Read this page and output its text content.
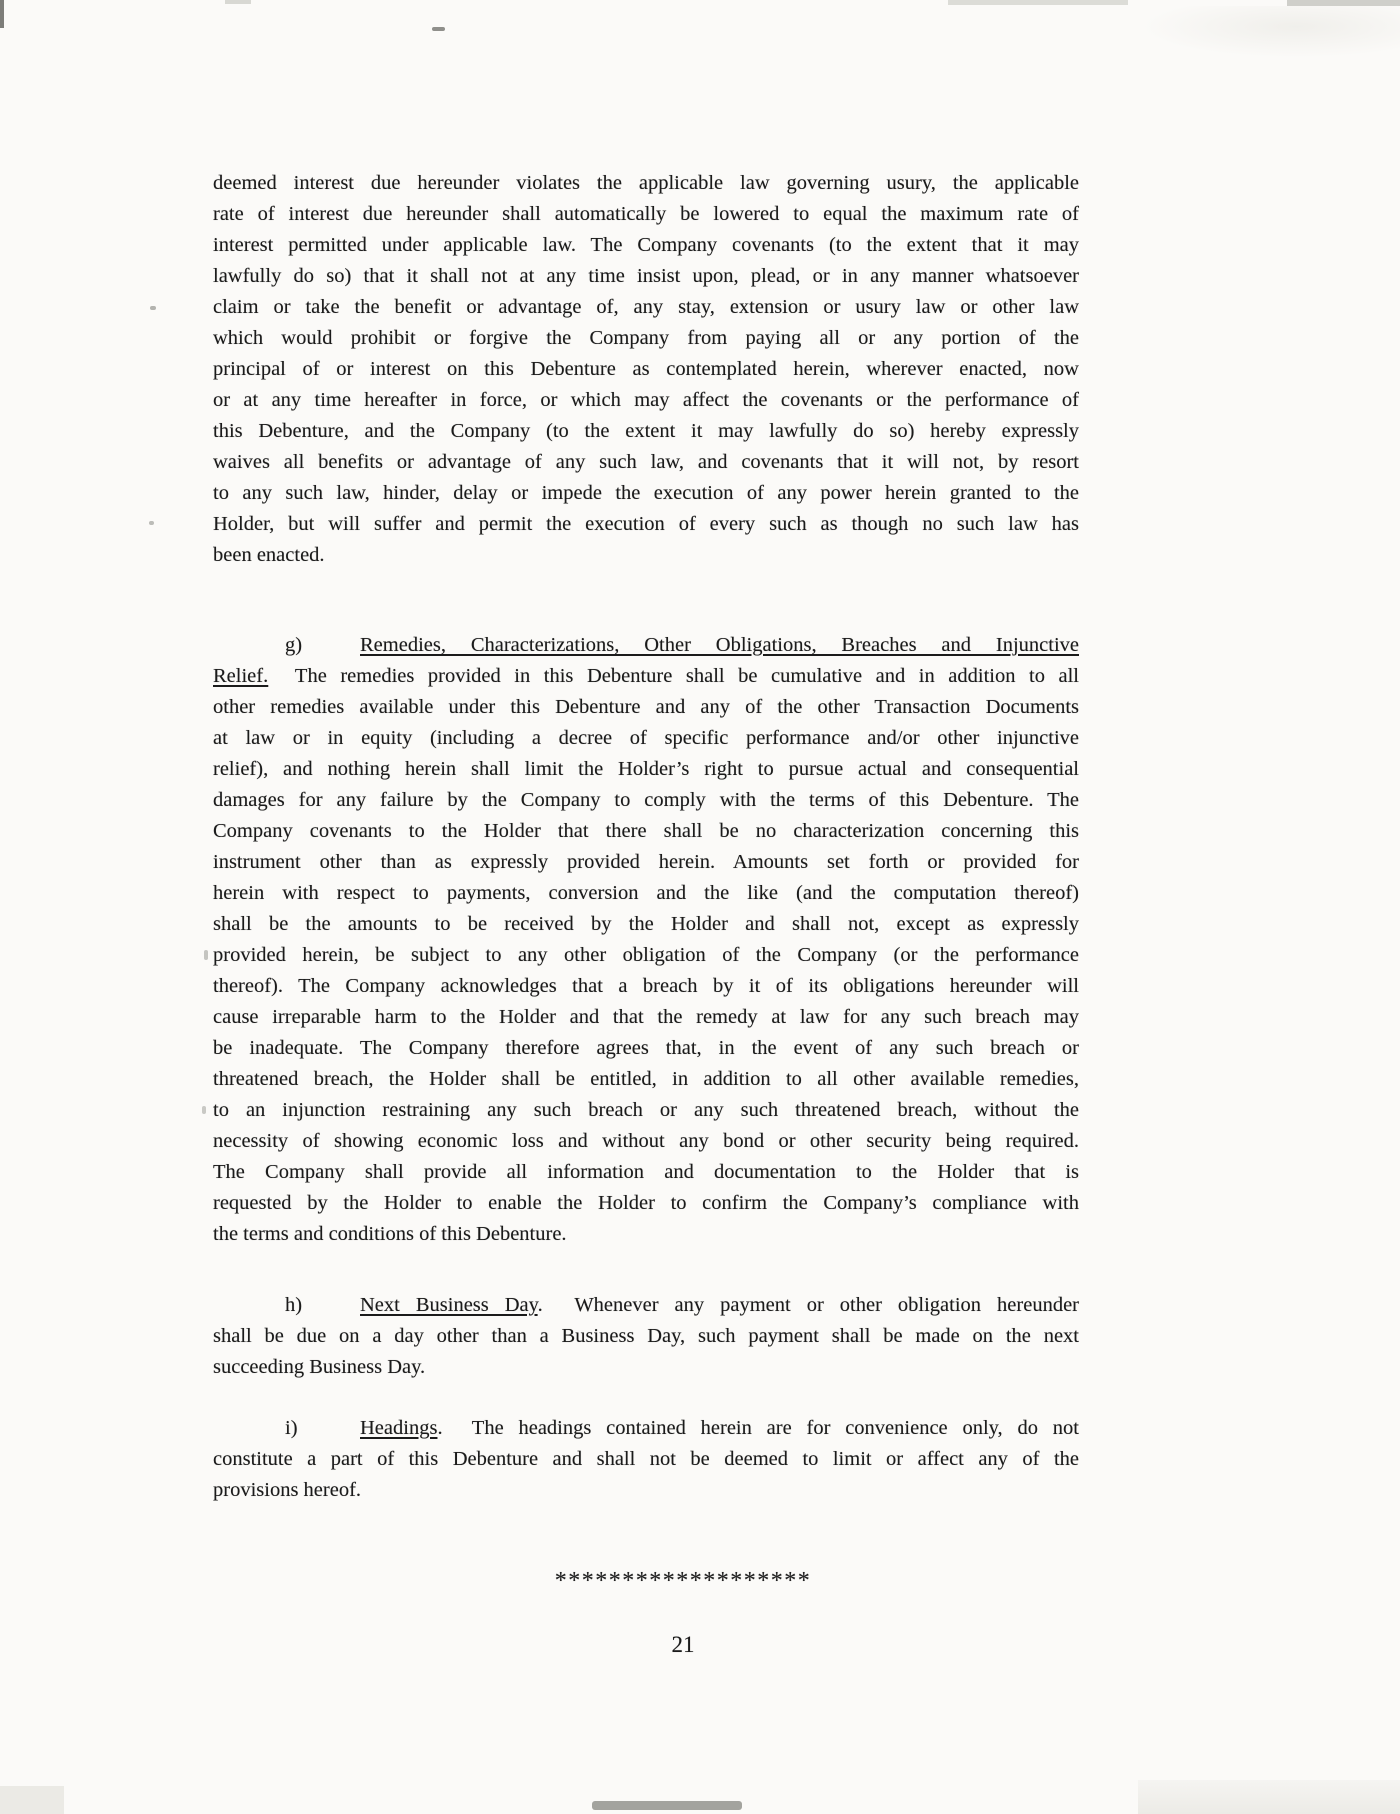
deemed interest due hereunder violates the applicable law governing usury, the applicable
rate of interest due hereunder shall automatically be lowered to equal the maximum rate of
interest permitted under applicable law. The Company covenants (to the extent that it may
lawfully do so) that it shall not at any time insist upon, plead, or in any manner whatsoever
claim or take the benefit or advantage of, any stay, extension or usury law or other law
which would prohibit or forgive the Company from paying all or any portion of the
principal of or interest on this Debenture as contemplated herein, wherever enacted, now
or at any time hereafter in force, or which may affect the covenants or the performance of
this Debenture, and the Company (to the extent it may lawfully do so) hereby expressly
waives all benefits or advantage of any such law, and covenants that it will not, by resort
to any such law, hinder, delay or impede the execution of any power herein granted to the
Holder, but will suffer and permit the execution of every such as though no such law has
been enacted.
g)	Remedies, Characterizations, Other Obligations, Breaches and Injunctive
Relief.  The remedies provided in this Debenture shall be cumulative and in addition to all
other remedies available under this Debenture and any of the other Transaction Documents
at law or in equity (including a decree of specific performance and/or other injunctive
relief), and nothing herein shall limit the Holder’s right to pursue actual and consequential
damages for any failure by the Company to comply with the terms of this Debenture. The
Company covenants to the Holder that there shall be no characterization concerning this
instrument other than as expressly provided herein. Amounts set forth or provided for
herein with respect to payments, conversion and the like (and the computation thereof)
shall be the amounts to be received by the Holder and shall not, except as expressly
provided herein, be subject to any other obligation of the Company (or the performance
thereof). The Company acknowledges that a breach by it of its obligations hereunder will
cause irreparable harm to the Holder and that the remedy at law for any such breach may
be inadequate. The Company therefore agrees that, in the event of any such breach or
threatened breach, the Holder shall be entitled, in addition to all other available remedies,
to an injunction restraining any such breach or any such threatened breach, without the
necessity of showing economic loss and without any bond or other security being required.
The Company shall provide all information and documentation to the Holder that is
requested by the Holder to enable the Holder to confirm the Company’s compliance with
the terms and conditions of this Debenture.
h)	Next Business Day.  Whenever any payment or other obligation hereunder
shall be due on a day other than a Business Day, such payment shall be made on the next
succeeding Business Day.
i)	Headings.  The headings contained herein are for convenience only, do not
constitute a part of this Debenture and shall not be deemed to limit or affect any of the
provisions hereof.
*******************
21
